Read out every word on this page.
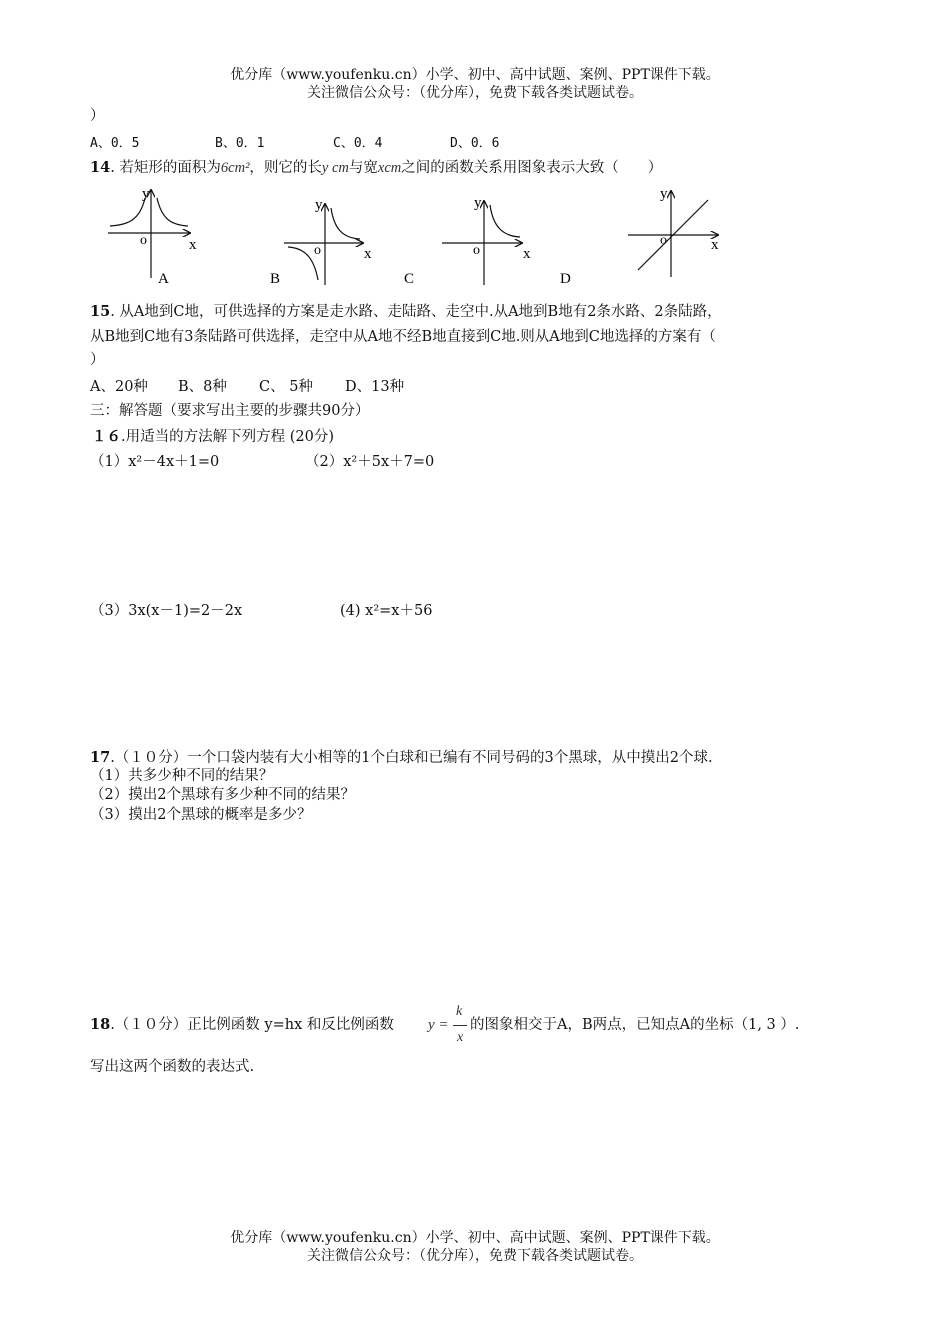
优分库（www.youfenku.cn）小学、初中、高中试题、案例、PPT课件下载。
关注微信公众号：（优分库），免费下载各类试题试卷。
）
A、0．5	B、0．1	C、0．4	D、0．6
14. 若矩形的面积为6cm²，则它的长y cm与宽xcm之间的函数关系用图象表示大致（　　）
o	x
y
A
o	x
y
B
o	x
y
C
o	x
y
D
15. 从A地到C地，可供选择的方案是走水路、走陆路、走空中.从A地到B地有2条水路、2条陆路，
从B地到C地有3条陆路可供选择，走空中从A地不经B地直接到C地.则从A地到C地选择的方案有（
）
A、20种 B、8种 C、 5种 D、13种
三：解答题（要求写出主要的步骤共90分）
１６.用适当的方法解下列方程 (20分)
（1）x²－4x＋1=0	（2）x²＋5x＋7=0
（3）3x(x－1)=2－2x	(4) x²=x＋56
17.（１０分）一个口袋内装有大小相等的1个白球和已编有不同号码的3个黑球，从中摸出2个球.
（1）共多少种不同的结果？
（2）摸出2个黑球有多少种不同的结果？
（3）摸出2个黑球的概率是多少？
18.（１０分）正比例函数 y=hx 和反比例函数 y =
k
x
的图象相交于A，B两点，已知点A的坐标（1, 3 ）.
写出这两个函数的表达式.
优分库（www.youfenku.cn）小学、初中、高中试题、案例、PPT课件下载。
关注微信公众号：（优分库），免费下载各类试题试卷。
